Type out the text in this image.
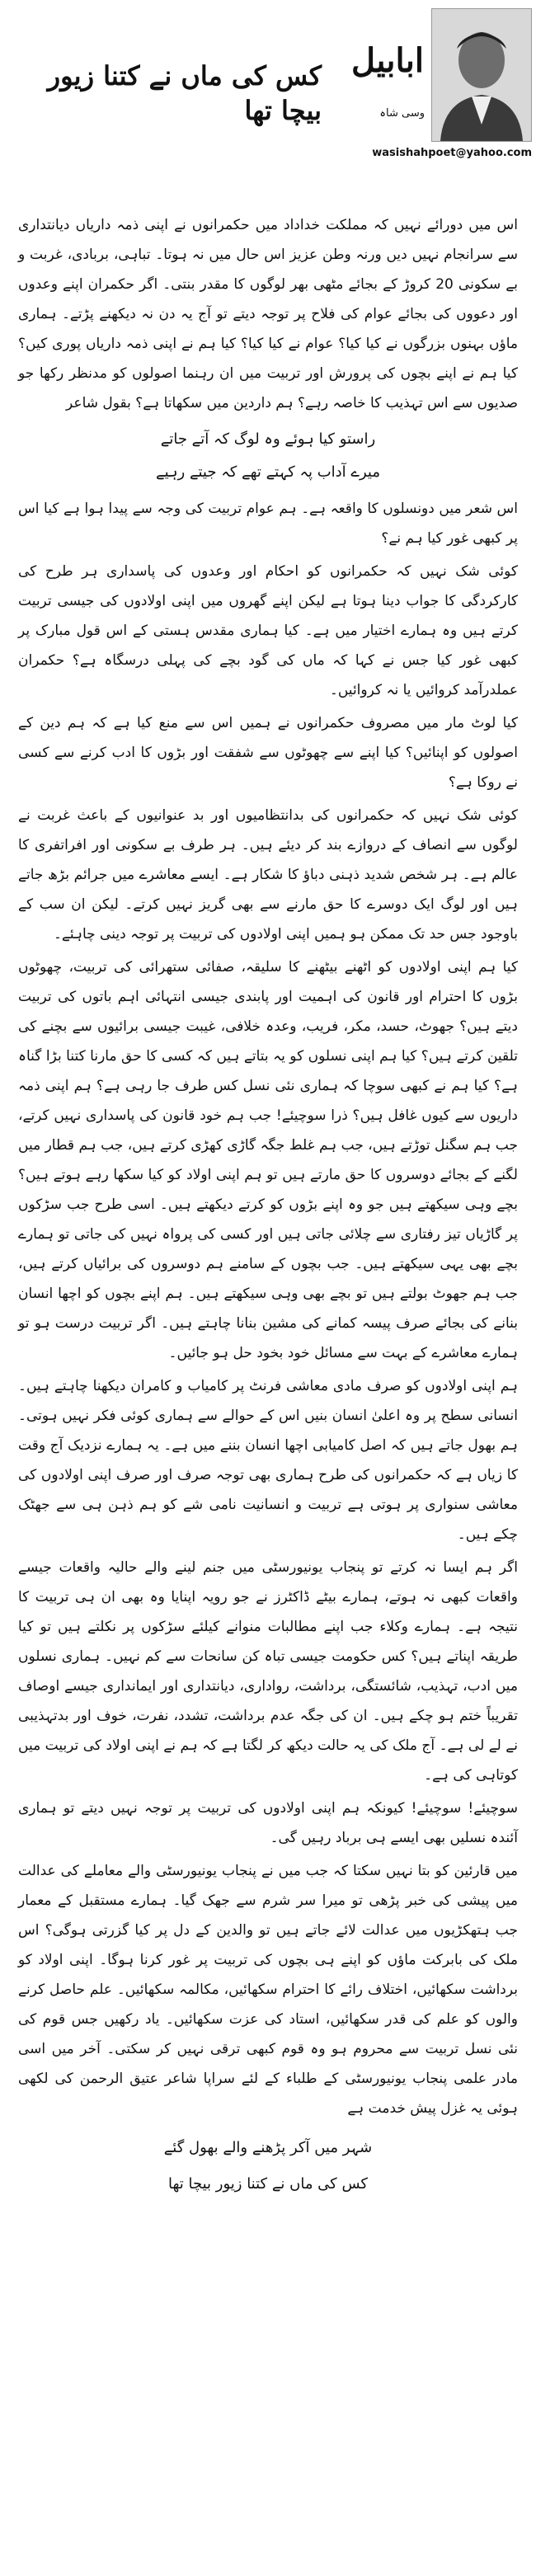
ابابیل
وسی شاہ
wasishahpoet@yahoo.com
کس کی ماں نے کتنا زیور بیچا تھا

اس میں دورائے نہیں کہ مملکت خداداد میں حکمرانوں نے اپنی ذمہ داریاں دیانتداری سے سرانجام نہیں دیں ورنہ وطن عزیز اس حال میں نہ ہوتا۔ تباہی، بربادی، غربت و بے سکونی 20 کروڑ کے بجائے مٹھی بھر لوگوں کا مقدر بنتی۔ اگر حکمران اپنے وعدوں اور دعووں کی بجائے عوام کی فلاح پر توجہ دیتے تو آج یہ دن نہ دیکھنے پڑتے۔ ہماری ماؤں بہنوں بزرگوں نے کیا کیا؟ عوام نے کیا کیا؟ کیا ہم نے اپنی ذمہ داریاں پوری کیں؟ کیا ہم نے اپنے بچوں کی پرورش اور تربیت میں ان رہنما اصولوں کو مدنظر رکھا جو صدیوں سے اس تہذیب کا خاصہ رہے؟ ہم داردین میں سکھاتا ہے؟ بقول شاعر

راستو کیا ہوئے وہ لوگ کہ آتے جاتے
میرے آداب پہ کہتے تھے کہ جیتے رہیے

اس شعر میں دونسلوں کا واقعہ ہے۔ ہم عوام تربیت کی وجہ سے پیدا ہوا ہے کیا اس پر کبھی غور کیا ہم نے؟

کوئی شک نہیں کہ حکمرانوں کو احکام اور وعدوں کی پاسداری ہر طرح کی کارکردگی کا جواب دینا ہوتا ہے لیکن اپنے گھروں میں اپنی اولادوں کی جیسی تربیت کرتے ہیں وہ ہمارے اختیار میں ہے۔ کیا ہماری مقدس ہستی کے اس قول مبارک پر کبھی غور کیا جس نے کہا کہ ماں کی گود بچے کی پہلی درسگاہ ہے؟ حکمران عملدرآمد کروائیں یا نہ کروائیں۔

کیا لوٹ مار میں مصروف حکمرانوں نے ہمیں اس سے منع کیا ہے کہ ہم دین کے اصولوں کو اپنائیں؟ کیا اپنے سے چھوٹوں سے شفقت اور بڑوں کا ادب کرنے سے کسی نے روکا ہے؟

کوئی شک نہیں کہ حکمرانوں کی بدانتظامیوں اور بد عنوانیوں کے باعث غربت نے لوگوں سے انصاف کے دروازے بند کر دیئے ہیں۔ ہر طرف بے سکونی اور افراتفری کا عالم ہے۔ ہر شخص شدید ذہنی دباؤ کا شکار ہے۔ ایسے معاشرے میں جرائم بڑھ جاتے ہیں اور لوگ ایک دوسرے کا حق مارنے سے بھی گریز نہیں کرتے۔ لیکن ان سب کے باوجود جس حد تک ممکن ہو ہمیں اپنی اولادوں کی تربیت پر توجہ دینی چاہئے۔

کیا ہم اپنی اولادوں کو اٹھنے بیٹھنے کا سلیقہ، صفائی ستھرائی کی تربیت، چھوٹوں بڑوں کا احترام اور قانون کی اہمیت اور پابندی جیسی انتہائی اہم باتوں کی تربیت دیتے ہیں؟ جھوٹ، حسد، مکر، فریب، وعدہ خلافی، غیبت جیسی برائیوں سے بچنے کی تلقین کرتے ہیں؟ کیا ہم اپنی نسلوں کو یہ بتاتے ہیں کہ کسی کا حق مارنا کتنا بڑا گناہ ہے؟ کیا ہم نے کبھی سوچا کہ ہماری نئی نسل کس طرف جا رہی ہے؟ ہم اپنی ذمہ داریوں سے کیوں غافل ہیں؟ ذرا سوچیئے! جب ہم خود قانون کی پاسداری نہیں کرتے، جب ہم سگنل توڑتے ہیں، جب ہم غلط جگہ گاڑی کھڑی کرتے ہیں، جب ہم قطار میں لگنے کے بجائے دوسروں کا حق مارتے ہیں تو ہم اپنی اولاد کو کیا سکھا رہے ہوتے ہیں؟ بچے وہی سیکھتے ہیں جو وہ اپنے بڑوں کو کرتے دیکھتے ہیں۔ اسی طرح جب سڑکوں پر گاڑیاں تیز رفتاری سے چلائی جاتی ہیں اور کسی کی پرواہ نہیں کی جاتی تو ہمارے بچے بھی یہی سیکھتے ہیں۔ جب بچوں کے سامنے ہم دوسروں کی برائیاں کرتے ہیں، جب ہم جھوٹ بولتے ہیں تو بچے بھی وہی سیکھتے ہیں۔ ہم اپنے بچوں کو اچھا انسان بنانے کی بجائے صرف پیسہ کمانے کی مشین بنانا چاہتے ہیں۔ اگر تربیت درست ہو تو ہمارے معاشرے کے بہت سے مسائل خود بخود حل ہو جائیں۔

ہم اپنی اولادوں کو صرف مادی معاشی فرنٹ پر کامیاب و کامران دیکھنا چاہتے ہیں۔ انسانی سطح پر وہ اعلیٰ انسان بنیں اس کے حوالے سے ہماری کوئی فکر نہیں ہوتی۔ ہم بھول جاتے ہیں کہ اصل کامیابی اچھا انسان بننے میں ہے۔ یہ ہمارے نزدیک آج وقت کا زیاں ہے کہ حکمرانوں کی طرح ہماری بھی توجہ صرف اور صرف اپنی اولادوں کی معاشی سنواری پر ہوتی ہے تربیت و انسانیت نامی شے کو ہم ذہن ہی سے جھٹک چکے ہیں۔

اگر ہم ایسا نہ کرتے تو پنجاب یونیورسٹی میں جنم لینے والے حالیہ واقعات جیسے واقعات کبھی نہ ہوتے، ہمارے بیٹے ڈاکٹرز نے جو رویہ اپنایا وہ بھی ان ہی تربیت کا نتیجہ ہے۔ ہمارے وکلاء جب اپنے مطالبات منوانے کیلئے سڑکوں پر نکلتے ہیں تو کیا طریقہ اپناتے ہیں؟ کس حکومت جیسی تباہ کن سانحات سے کم نہیں۔ ہماری نسلوں میں ادب، تہذیب، شائستگی، برداشت، رواداری، دیانتداری اور ایمانداری جیسے اوصاف تقریباً ختم ہو چکے ہیں۔ ان کی جگہ عدم برداشت، تشدد، نفرت، خوف اور بدتہذیبی نے لے لی ہے۔ آج ملک کی یہ حالت دیکھ کر لگتا ہے کہ ہم نے اپنی اولاد کی تربیت میں کوتاہی کی ہے۔

سوچیئے! سوچیئے! کیونکہ ہم اپنی اولادوں کی تربیت پر توجہ نہیں دیتے تو ہماری آئندہ نسلیں بھی ایسے ہی برباد رہیں گی۔

میں قارئین کو بتا نہیں سکتا کہ جب میں نے پنجاب یونیورسٹی والے معاملے کی عدالت میں پیشی کی خبر پڑھی تو میرا سر شرم سے جھک گیا۔ ہمارے مستقبل کے معمار جب ہتھکڑیوں میں عدالت لائے جاتے ہیں تو والدین کے دل پر کیا گزرتی ہوگی؟ اس ملک کی بابرکت ماؤں کو اپنے ہی بچوں کی تربیت پر غور کرنا ہوگا۔ اپنی اولاد کو برداشت سکھائیں، اختلاف رائے کا احترام سکھائیں، مکالمہ سکھائیں۔ علم حاصل کرنے والوں کو علم کی قدر سکھائیں، استاد کی عزت سکھائیں۔ یاد رکھیں جس قوم کی نئی نسل تربیت سے محروم ہو وہ قوم کبھی ترقی نہیں کر سکتی۔ آخر میں اسی مادر علمی پنجاب یونیورسٹی کے طلباء کے لئے سراپا شاعر عتیق الرحمن کی لکھی ہوئی یہ غزل پیش خدمت ہے

شہر میں آکر پڑھنے والے بھول گئے
کس کی ماں نے کتنا زیور بیچا تھا
